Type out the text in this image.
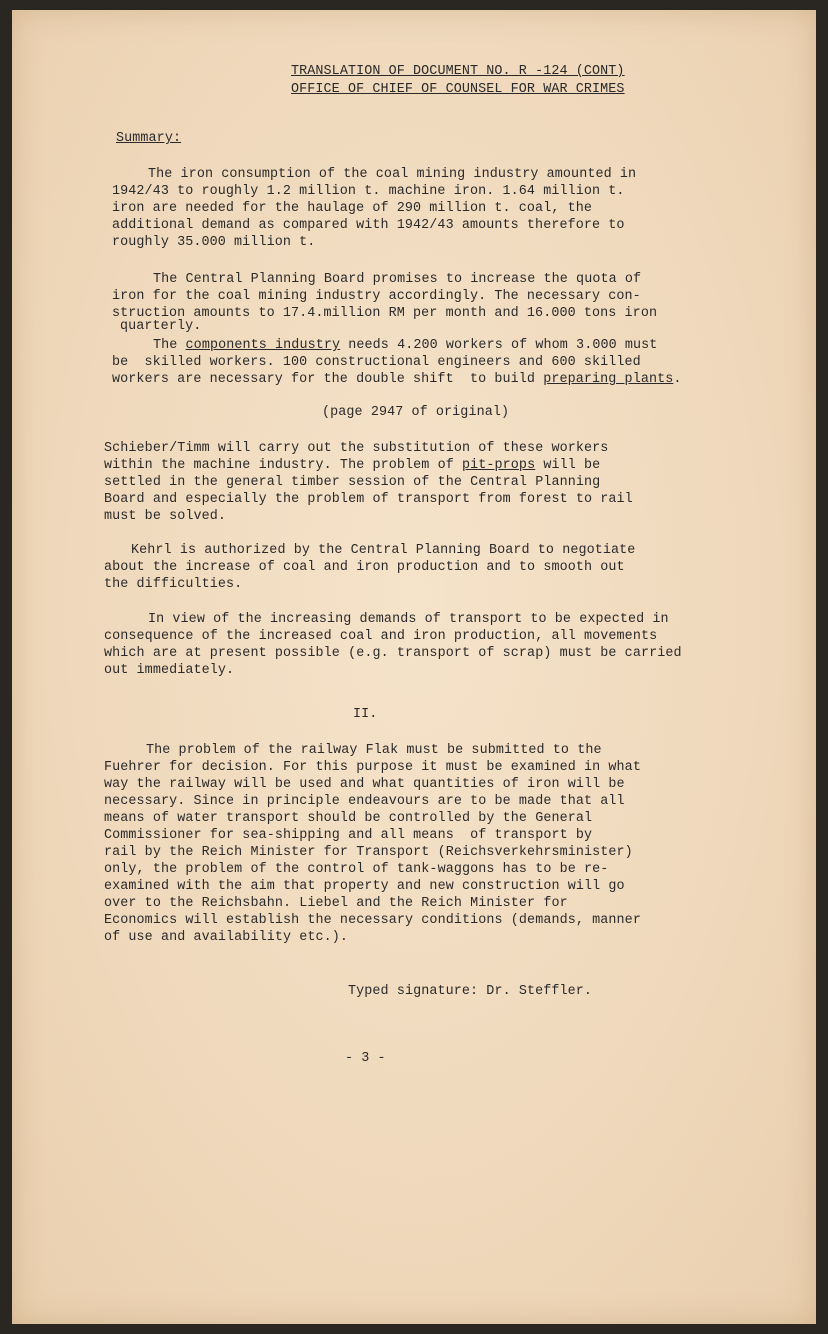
TRANSLATION OF DOCUMENT NO. R -124 (CONT)

OFFICE OF CHIEF OF COUNSEL FOR WAR CRIMES

Summary:

The iron consumption of the coal mining industry amounted in

1942/43 to roughly 1.2 million t. machine iron. 1.64 million t.

iron are needed for the haulage of 290 million t. coal, the

additional demand as compared with 1942/43 amounts therefore to

roughly 35.000 million t.

The Central Planning Board promises to increase the quota of

iron for the coal mining industry accordingly. The necessary con-

struction amounts to 17.4.million RM per month and 16.000 tons iron

quarterly.

The components industry needs 4.200 workers of whom 3.000 must

be  skilled workers. 100 constructional engineers and 600 skilled

workers are necessary for the double shift  to build preparing plants.

(page 2947 of original)

Schieber/Timm will carry out the substitution of these workers

within the machine industry. The problem of pit-props will be

settled in the general timber session of the Central Planning

Board and especially the problem of transport from forest to rail

must be solved.

Kehrl is authorized by the Central Planning Board to negotiate

about the increase of coal and iron production and to smooth out

the difficulties.

In view of the increasing demands of transport to be expected in

consequence of the increased coal and iron production, all movements

which are at present possible (e.g. transport of scrap) must be carried

out immediately.

II.

The problem of the railway Flak must be submitted to the

Fuehrer for decision. For this purpose it must be examined in what

way the railway will be used and what quantities of iron will be

necessary. Since in principle endeavours are to be made that all

means of water transport should be controlled by the General

Commissioner for sea-shipping and all means  of transport by

rail by the Reich Minister for Transport (Reichsverkehrsminister)

only, the problem of the control of tank-waggons has to be re-

examined with the aim that property and new construction will go

over to the Reichsbahn. Liebel and the Reich Minister for

Economics will establish the necessary conditions (demands, manner

of use and availability etc.).

Typed signature: Dr. Steffler.

- 3 -
